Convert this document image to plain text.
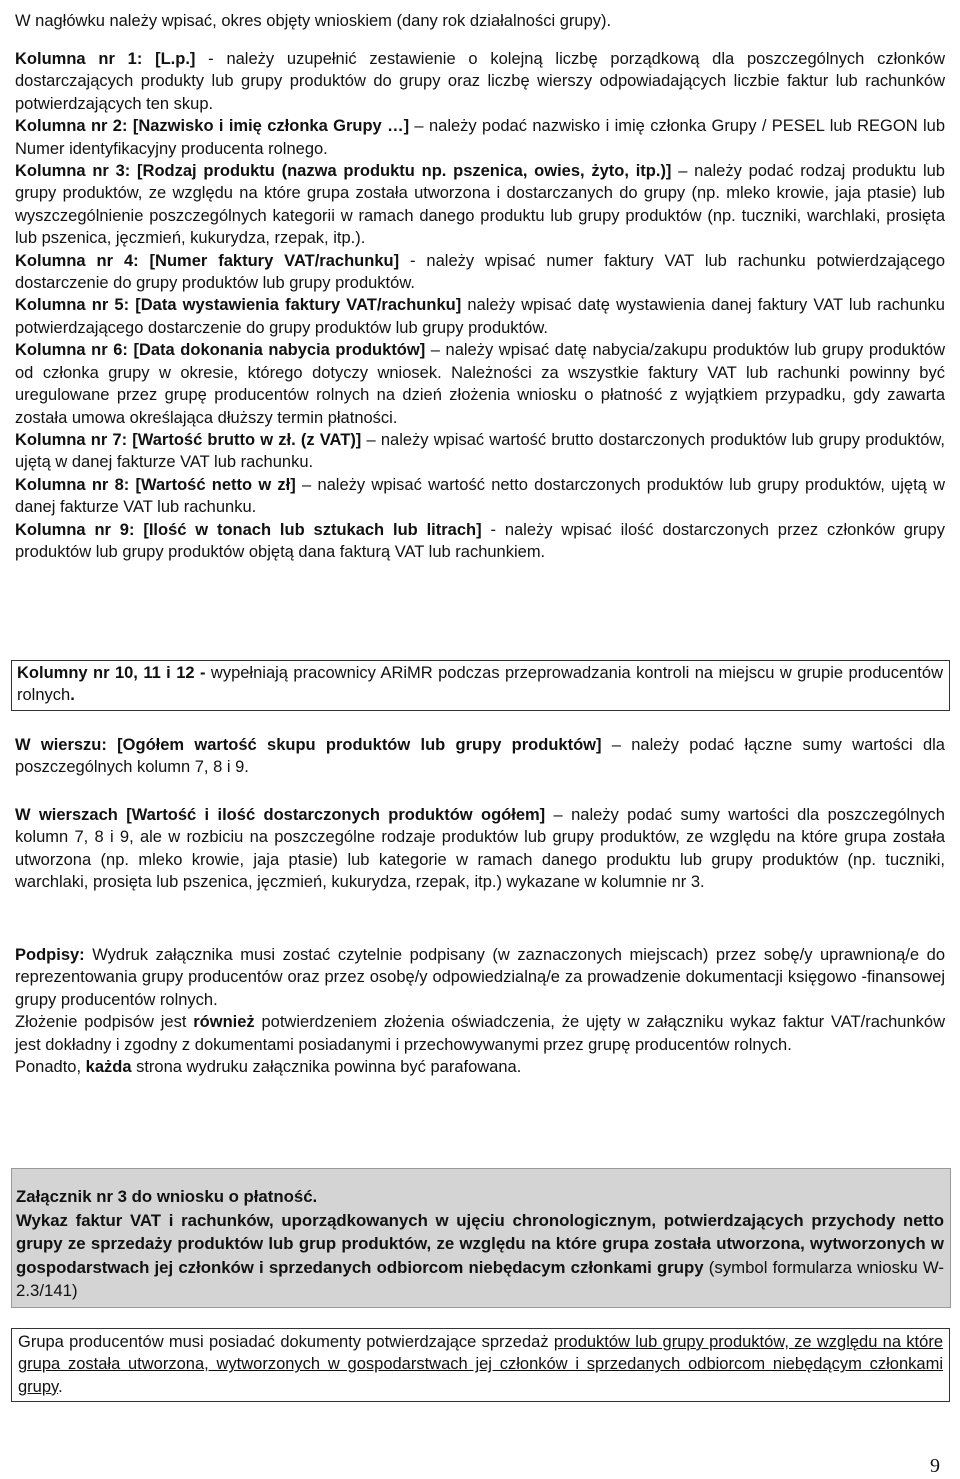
W nagłówku należy wpisać, okres objęty wnioskiem (dany rok działalności grupy).

Kolumna nr 1: [L.p.] - należy uzupełnić zestawienie o kolejną liczbę porządkową dla poszczególnych członków dostarczających produkty lub grupy produktów do grupy oraz liczbę wierszy odpowiadających liczbie faktur lub rachunków potwierdzających ten skup.

Kolumna nr 2: [Nazwisko i imię członka Grupy …] – należy podać nazwisko i imię członka Grupy / PESEL lub REGON lub Numer identyfikacyjny producenta rolnego.

Kolumna nr 3: [Rodzaj produktu (nazwa produktu np. pszenica, owies, żyto, itp.)] – należy podać rodzaj produktu lub grupy produktów, ze względu na które grupa została utworzona i dostarczanych do grupy (np. mleko krowie, jaja ptasie) lub wyszczególnienie poszczególnych kategorii w ramach danego produktu lub grupy produktów (np. tuczniki, warchlaki, prosięta lub pszenica, jęczmień, kukurydza, rzepak, itp.).

Kolumna nr 4: [Numer faktury VAT/rachunku] - należy wpisać numer faktury VAT lub rachunku potwierdzającego dostarczenie do grupy produktów lub grupy produktów.

Kolumna nr 5: [Data wystawienia faktury VAT/rachunku] należy wpisać datę wystawienia danej faktury VAT lub rachunku potwierdzającego dostarczenie do grupy produktów lub grupy produktów.

Kolumna nr 6: [Data dokonania nabycia produktów] – należy wpisać datę nabycia/zakupu produktów lub grupy produktów od członka grupy w okresie, którego dotyczy wniosek. Należności za wszystkie faktury VAT lub rachunki powinny być uregulowane przez grupę producentów rolnych na dzień złożenia wniosku o płatność z wyjątkiem przypadku, gdy zawarta została umowa określająca dłuższy termin płatności.

Kolumna nr 7: [Wartość brutto w zł. (z VAT)] – należy wpisać wartość brutto dostarczonych produktów lub grupy produktów, ujętą w danej fakturze VAT lub rachunku.

Kolumna nr 8: [Wartość netto w zł] – należy wpisać wartość netto dostarczonych produktów lub grupy produktów, ujętą w danej fakturze VAT lub rachunku.

Kolumna nr 9: [Ilość w tonach lub sztukach lub litrach] - należy wpisać ilość dostarczonych przez członków grupy produktów lub grupy produktów objętą dana fakturą VAT lub rachunkiem.

Kolumny nr 10, 11 i 12 - wypełniają pracownicy ARiMR podczas przeprowadzania kontroli na miejscu w grupie producentów rolnych.

W wierszu: [Ogółem wartość skupu produktów lub grupy produktów] – należy podać łączne sumy wartości dla poszczególnych kolumn 7, 8 i 9.

W wierszach [Wartość i ilość dostarczonych produktów ogółem] – należy podać sumy wartości dla poszczególnych kolumn 7, 8 i 9, ale w rozbiciu na poszczególne rodzaje produktów lub grupy produktów, ze względu na które grupa została utworzona (np. mleko krowie, jaja ptasie) lub kategorie w ramach danego produktu lub grupy produktów (np. tuczniki, warchlaki, prosięta lub pszenica, jęczmień, kukurydza, rzepak, itp.) wykazane w kolumnie nr 3.

Podpisy: Wydruk załącznika musi zostać czytelnie podpisany (w zaznaczonych miejscach) przez sobę/y uprawnioną/e do reprezentowania grupy producentów oraz przez osobę/y odpowiedzialną/e za prowadzenie dokumentacji księgowo -finansowej grupy producentów rolnych.

Złożenie podpisów jest również potwierdzeniem złożenia oświadczenia, że ujęty w załączniku wykaz faktur VAT/rachunków jest dokładny i zgodny z dokumentami posiadanymi i przechowywanymi przez grupę producentów rolnych.

Ponadto, każda strona wydruku załącznika powinna być parafowana.

Załącznik nr 3 do wniosku o płatność.

Wykaz faktur VAT i rachunków, uporządkowanych w ujęciu chronologicznym, potwierdzających przychody netto grupy ze sprzedaży produktów lub grup produktów, ze względu na które grupa została utworzona, wytworzonych w gospodarstwach jej członków i sprzedanych odbiorcom niebędacym członkami grupy (symbol formularza wniosku W-2.3/141)

Grupa producentów musi posiadać dokumenty potwierdzające sprzedaż produktów lub grupy produktów, ze względu na które grupa została utworzona, wytworzonych w gospodarstwach jej członków i sprzedanych odbiorcom niebędącym członkami grupy.

9
